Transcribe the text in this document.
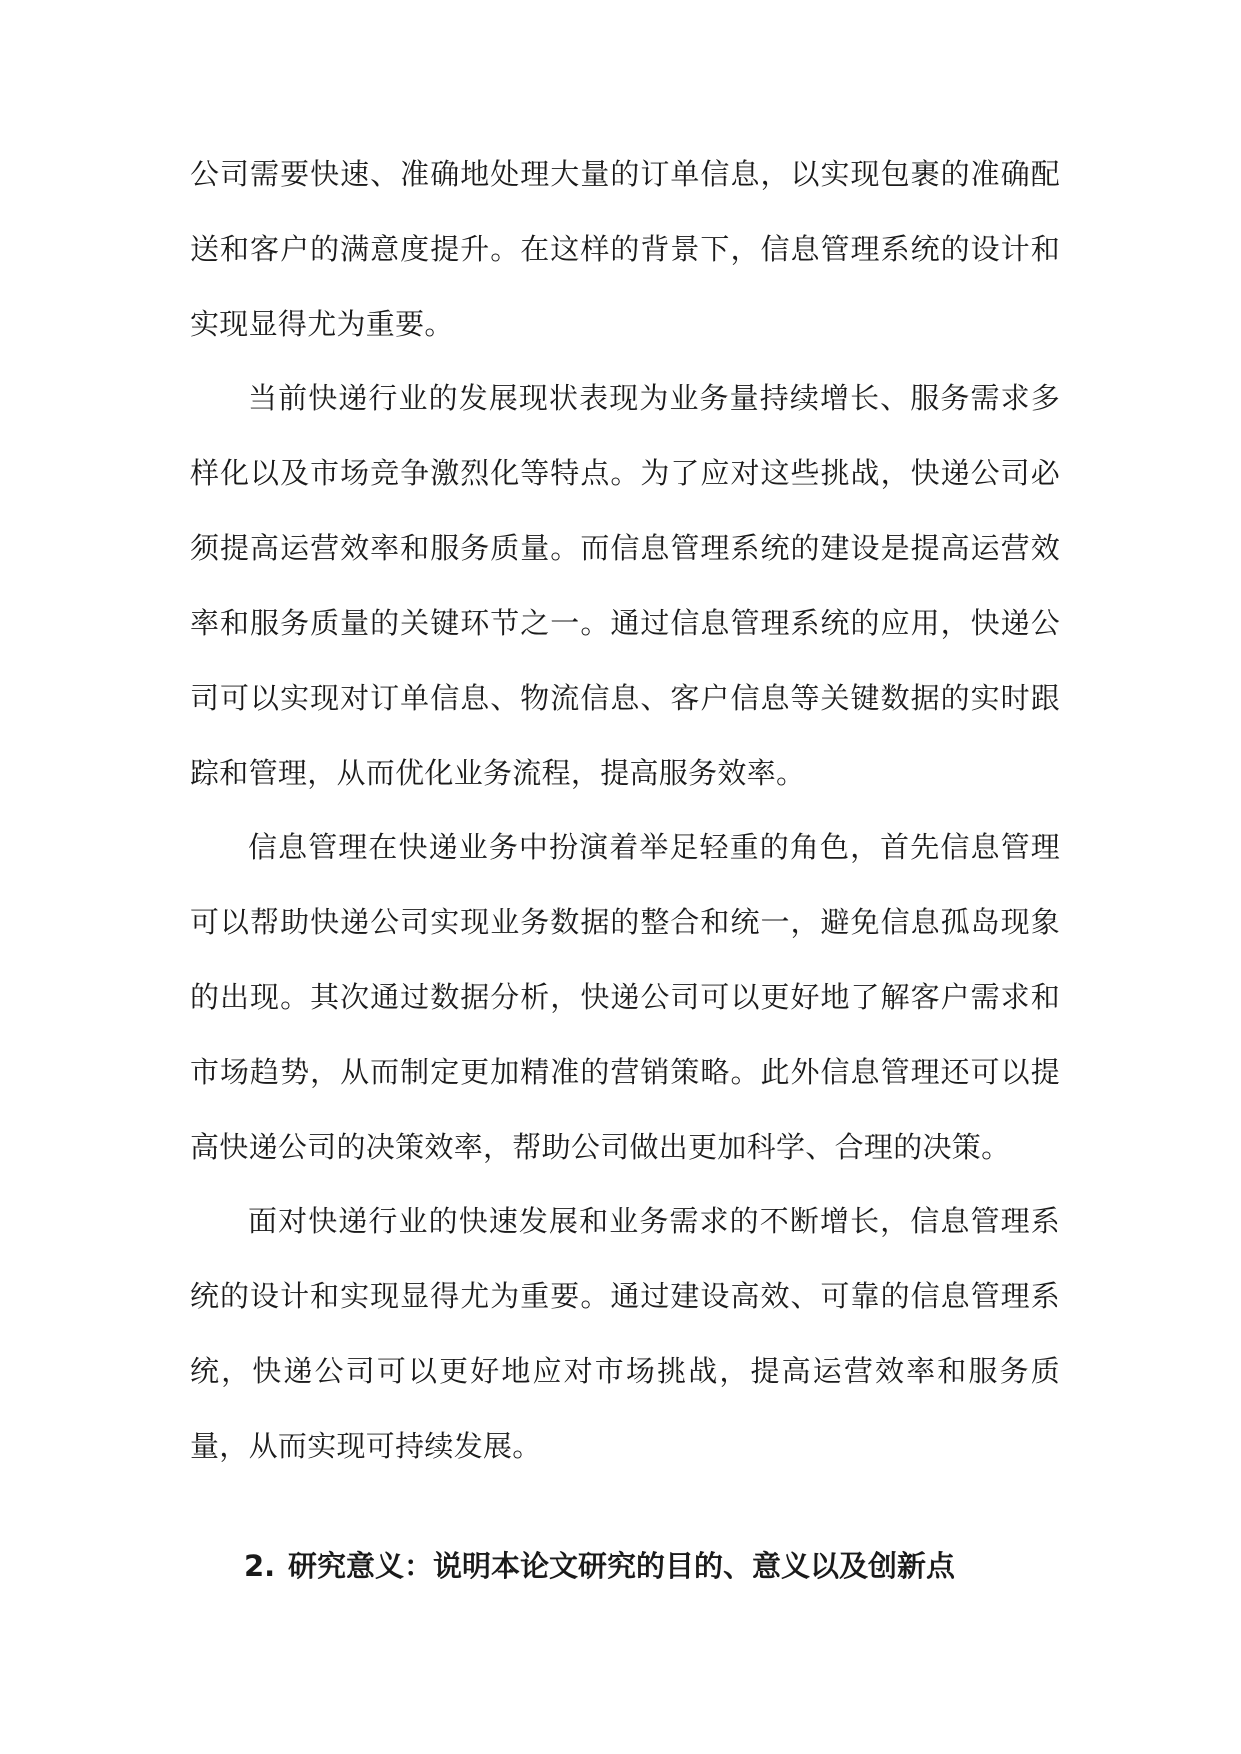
公司需要快速、准确地处理大量的订单信息，以实现包裹的准确配送和客户的满意度提升。在这样的背景下，信息管理系统的设计和实现显得尤为重要。

当前快递行业的发展现状表现为业务量持续增长、服务需求多样化以及市场竞争激烈化等特点。为了应对这些挑战，快递公司必须提高运营效率和服务质量。而信息管理系统的建设是提高运营效率和服务质量的关键环节之一。通过信息管理系统的应用，快递公司可以实现对订单信息、物流信息、客户信息等关键数据的实时跟踪和管理，从而优化业务流程，提高服务效率。

信息管理在快递业务中扮演着举足轻重的角色，首先信息管理可以帮助快递公司实现业务数据的整合和统一，避免信息孤岛现象的出现。其次通过数据分析，快递公司可以更好地了解客户需求和市场趋势，从而制定更加精准的营销策略。此外信息管理还可以提高快递公司的决策效率，帮助公司做出更加科学、合理的决策。

面对快递行业的快速发展和业务需求的不断增长，信息管理系统的设计和实现显得尤为重要。通过建设高效、可靠的信息管理系统，快递公司可以更好地应对市场挑战，提高运营效率和服务质量，从而实现可持续发展。

2. 研究意义：说明本论文研究的目的、意义以及创新点
